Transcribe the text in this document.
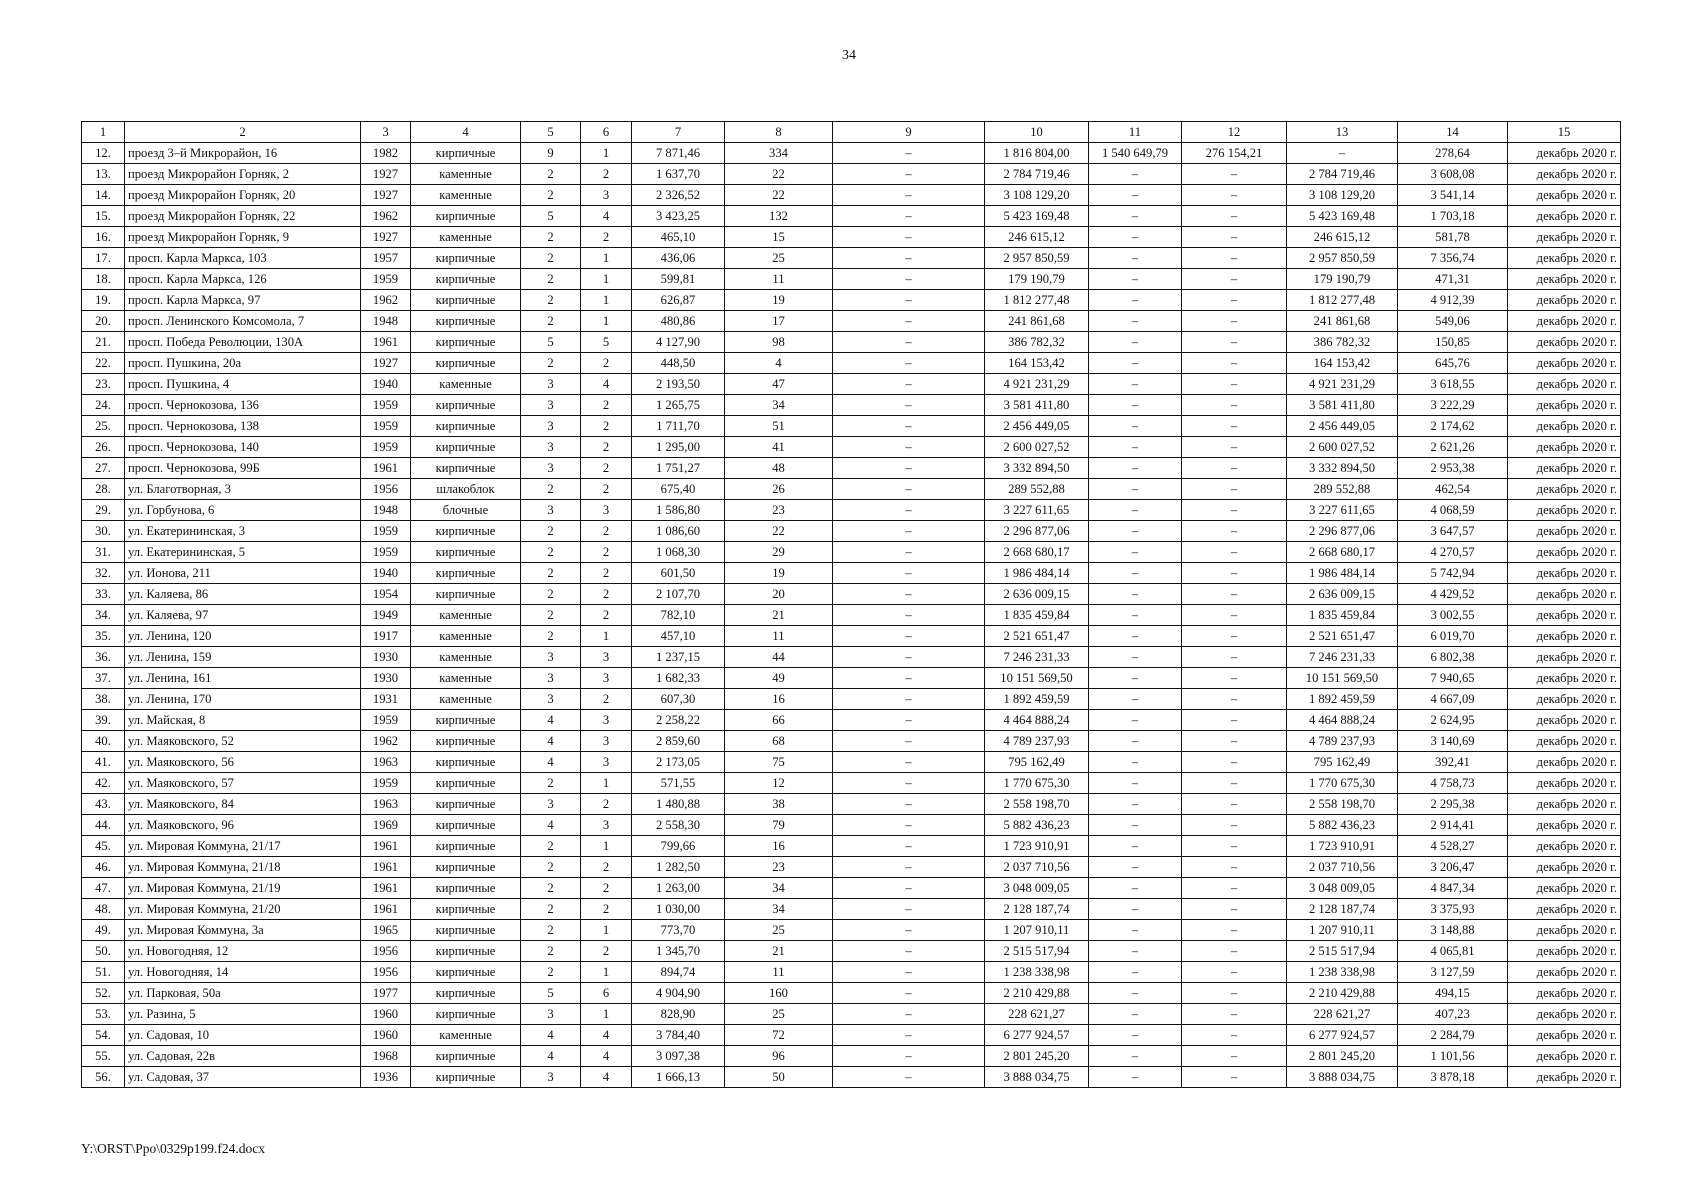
34
1	2	3	4	5	6	7	8	9	10	11	12	13	14	15
12.	проезд 3–й Микрорайон, 16	1982	кирпичные	9	1	7 871,46	334	–	1 816 804,00	1 540 649,79	276 154,21	–	278,64	декабрь 2020 г.
13.	проезд Микрорайон Горняк, 2	1927	каменные	2	2	1 637,70	22	–	2 784 719,46	–	–	2 784 719,46	3 608,08	декабрь 2020 г.
14.	проезд Микрорайон Горняк, 20	1927	каменные	2	3	2 326,52	22	–	3 108 129,20	–	–	3 108 129,20	3 541,14	декабрь 2020 г.
15.	проезд Микрорайон Горняк, 22	1962	кирпичные	5	4	3 423,25	132	–	5 423 169,48	–	–	5 423 169,48	1 703,18	декабрь 2020 г.
16.	проезд Микрорайон Горняк, 9	1927	каменные	2	2	465,10	15	–	246 615,12	–	–	246 615,12	581,78	декабрь 2020 г.
17.	просп. Карла Маркса, 103	1957	кирпичные	2	1	436,06	25	–	2 957 850,59	–	–	2 957 850,59	7 356,74	декабрь 2020 г.
18.	просп. Карла Маркса, 126	1959	кирпичные	2	1	599,81	11	–	179 190,79	–	–	179 190,79	471,31	декабрь 2020 г.
19.	просп. Карла Маркса, 97	1962	кирпичные	2	1	626,87	19	–	1 812 277,48	–	–	1 812 277,48	4 912,39	декабрь 2020 г.
20.	просп. Ленинского Комсомола, 7	1948	кирпичные	2	1	480,86	17	–	241 861,68	–	–	241 861,68	549,06	декабрь 2020 г.
21.	просп. Победа Революции, 130А	1961	кирпичные	5	5	4 127,90	98	–	386 782,32	–	–	386 782,32	150,85	декабрь 2020 г.
22.	просп. Пушкина, 20а	1927	кирпичные	2	2	448,50	4	–	164 153,42	–	–	164 153,42	645,76	декабрь 2020 г.
23.	просп. Пушкина, 4	1940	каменные	3	4	2 193,50	47	–	4 921 231,29	–	–	4 921 231,29	3 618,55	декабрь 2020 г.
24.	просп. Чернокозова, 136	1959	кирпичные	3	2	1 265,75	34	–	3 581 411,80	–	–	3 581 411,80	3 222,29	декабрь 2020 г.
25.	просп. Чернокозова, 138	1959	кирпичные	3	2	1 711,70	51	–	2 456 449,05	–	–	2 456 449,05	2 174,62	декабрь 2020 г.
26.	просп. Чернокозова, 140	1959	кирпичные	3	2	1 295,00	41	–	2 600 027,52	–	–	2 600 027,52	2 621,26	декабрь 2020 г.
27.	просп. Чернокозова, 99Б	1961	кирпичные	3	2	1 751,27	48	–	3 332 894,50	–	–	3 332 894,50	2 953,38	декабрь 2020 г.
28.	ул. Благотворная, 3	1956	шлакоблок	2	2	675,40	26	–	289 552,88	–	–	289 552,88	462,54	декабрь 2020 г.
29.	ул. Горбунова, 6	1948	блочные	3	3	1 586,80	23	–	3 227 611,65	–	–	3 227 611,65	4 068,59	декабрь 2020 г.
30.	ул. Екатерининская, 3	1959	кирпичные	2	2	1 086,60	22	–	2 296 877,06	–	–	2 296 877,06	3 647,57	декабрь 2020 г.
31.	ул. Екатерининская, 5	1959	кирпичные	2	2	1 068,30	29	–	2 668 680,17	–	–	2 668 680,17	4 270,57	декабрь 2020 г.
32.	ул. Ионова, 211	1940	кирпичные	2	2	601,50	19	–	1 986 484,14	–	–	1 986 484,14	5 742,94	декабрь 2020 г.
33.	ул. Каляева, 86	1954	кирпичные	2	2	2 107,70	20	–	2 636 009,15	–	–	2 636 009,15	4 429,52	декабрь 2020 г.
34.	ул. Каляева, 97	1949	каменные	2	2	782,10	21	–	1 835 459,84	–	–	1 835 459,84	3 002,55	декабрь 2020 г.
35.	ул. Ленина, 120	1917	каменные	2	1	457,10	11	–	2 521 651,47	–	–	2 521 651,47	6 019,70	декабрь 2020 г.
36.	ул. Ленина, 159	1930	каменные	3	3	1 237,15	44	–	7 246 231,33	–	–	7 246 231,33	6 802,38	декабрь 2020 г.
37.	ул. Ленина, 161	1930	каменные	3	3	1 682,33	49	–	10 151 569,50	–	–	10 151 569,50	7 940,65	декабрь 2020 г.
38.	ул. Ленина, 170	1931	каменные	3	2	607,30	16	–	1 892 459,59	–	–	1 892 459,59	4 667,09	декабрь 2020 г.
39.	ул. Майская, 8	1959	кирпичные	4	3	2 258,22	66	–	4 464 888,24	–	–	4 464 888,24	2 624,95	декабрь 2020 г.
40.	ул. Маяковского, 52	1962	кирпичные	4	3	2 859,60	68	–	4 789 237,93	–	–	4 789 237,93	3 140,69	декабрь 2020 г.
41.	ул. Маяковского, 56	1963	кирпичные	4	3	2 173,05	75	–	795 162,49	–	–	795 162,49	392,41	декабрь 2020 г.
42.	ул. Маяковского, 57	1959	кирпичные	2	1	571,55	12	–	1 770 675,30	–	–	1 770 675,30	4 758,73	декабрь 2020 г.
43.	ул. Маяковского, 84	1963	кирпичные	3	2	1 480,88	38	–	2 558 198,70	–	–	2 558 198,70	2 295,38	декабрь 2020 г.
44.	ул. Маяковского, 96	1969	кирпичные	4	3	2 558,30	79	–	5 882 436,23	–	–	5 882 436,23	2 914,41	декабрь 2020 г.
45.	ул. Мировая Коммуна, 21/17	1961	кирпичные	2	1	799,66	16	–	1 723 910,91	–	–	1 723 910,91	4 528,27	декабрь 2020 г.
46.	ул. Мировая Коммуна, 21/18	1961	кирпичные	2	2	1 282,50	23	–	2 037 710,56	–	–	2 037 710,56	3 206,47	декабрь 2020 г.
47.	ул. Мировая Коммуна, 21/19	1961	кирпичные	2	2	1 263,00	34	–	3 048 009,05	–	–	3 048 009,05	4 847,34	декабрь 2020 г.
48.	ул. Мировая Коммуна, 21/20	1961	кирпичные	2	2	1 030,00	34	–	2 128 187,74	–	–	2 128 187,74	3 375,93	декабрь 2020 г.
49.	ул. Мировая Коммуна, 3а	1965	кирпичные	2	1	773,70	25	–	1 207 910,11	–	–	1 207 910,11	3 148,88	декабрь 2020 г.
50.	ул. Новогодняя, 12	1956	кирпичные	2	2	1 345,70	21	–	2 515 517,94	–	–	2 515 517,94	4 065,81	декабрь 2020 г.
51.	ул. Новогодняя, 14	1956	кирпичные	2	1	894,74	11	–	1 238 338,98	–	–	1 238 338,98	3 127,59	декабрь 2020 г.
52.	ул. Парковая, 50а	1977	кирпичные	5	6	4 904,90	160	–	2 210 429,88	–	–	2 210 429,88	494,15	декабрь 2020 г.
53.	ул. Разина, 5	1960	кирпичные	3	1	828,90	25	–	228 621,27	–	–	228 621,27	407,23	декабрь 2020 г.
54.	ул. Садовая, 10	1960	каменные	4	4	3 784,40	72	–	6 277 924,57	–	–	6 277 924,57	2 284,79	декабрь 2020 г.
55.	ул. Садовая, 22в	1968	кирпичные	4	4	3 097,38	96	–	2 801 245,20	–	–	2 801 245,20	1 101,56	декабрь 2020 г.
56.	ул. Садовая, 37	1936	кирпичные	3	4	1 666,13	50	–	3 888 034,75	–	–	3 888 034,75	3 878,18	декабрь 2020 г.
Y:\ORST\Ppo\0329p199.f24.docx
